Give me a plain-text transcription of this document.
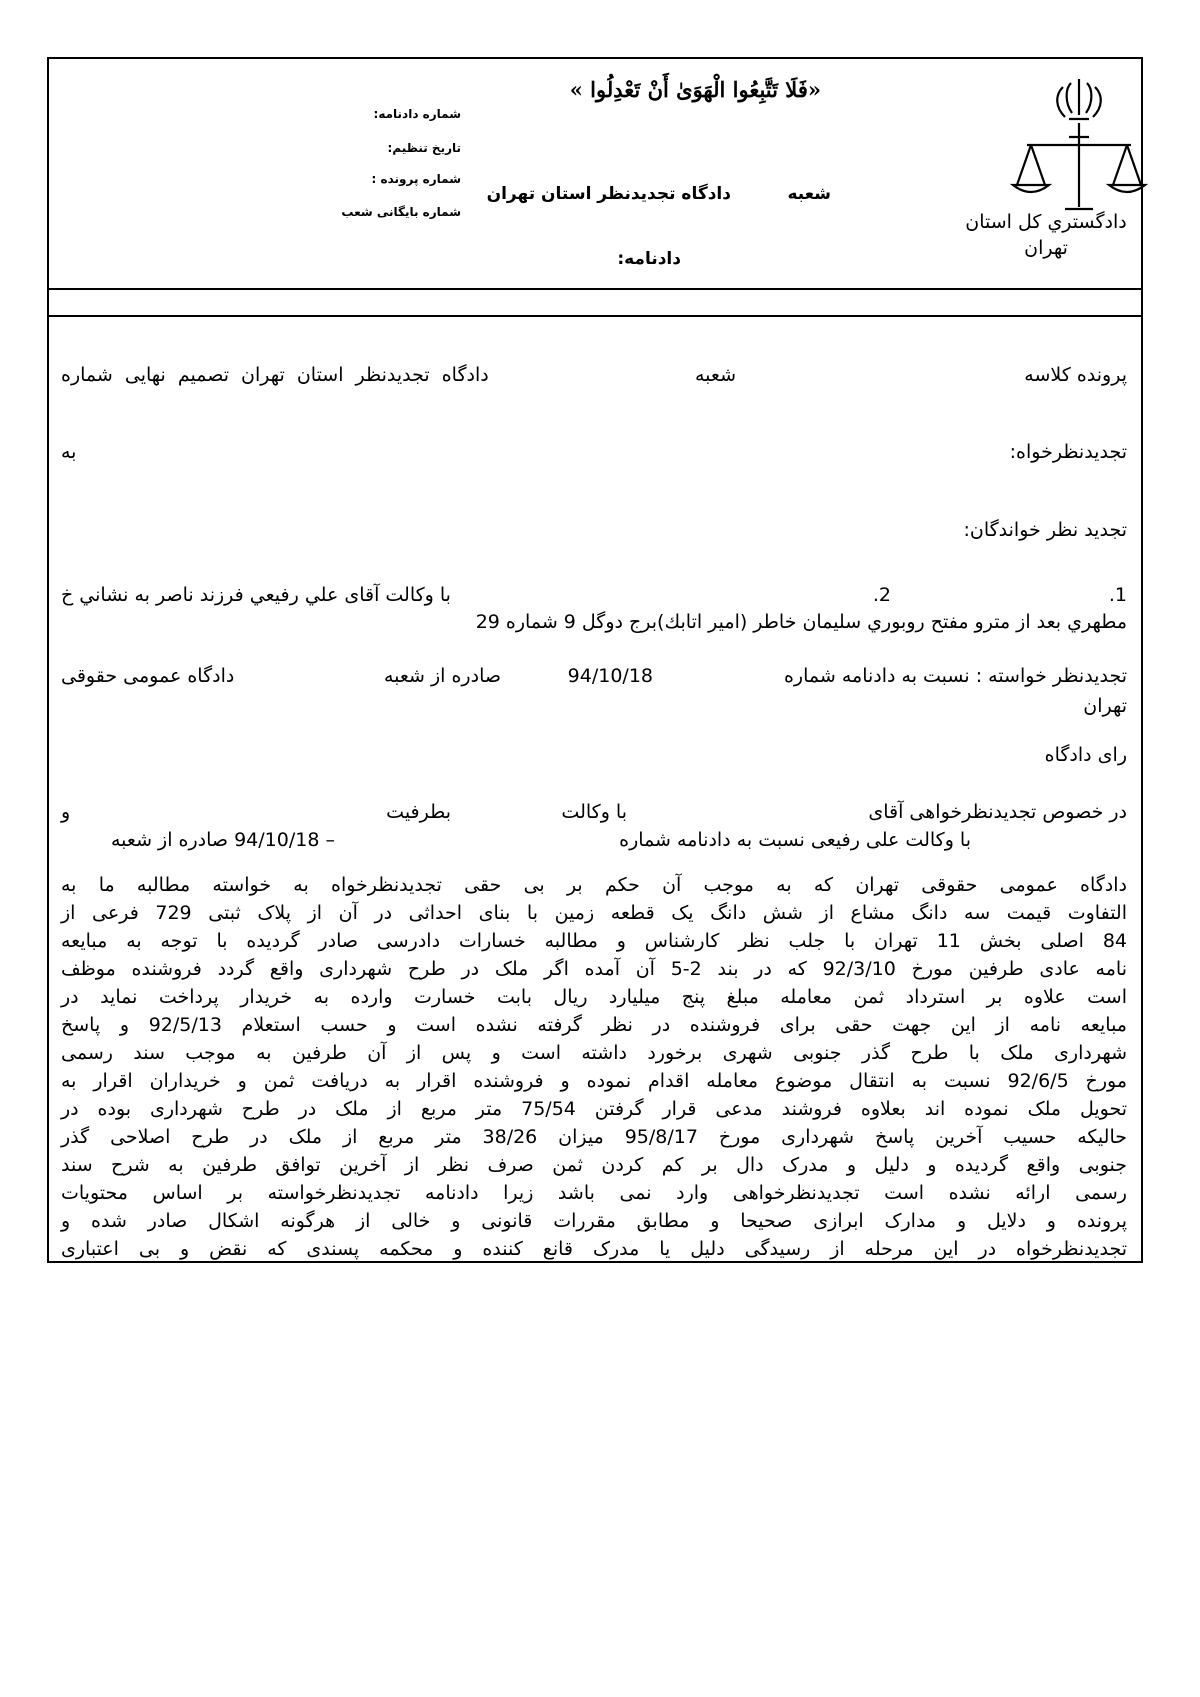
«فَلَا تَتَّبِعُوا الْهَوَىٰ أَنْ تَعْدِلُوا »
شماره دادنامه:
تاریخ تنظیم:
شماره پرونده :
شماره بایگانی شعب
شعبه
دادگاه تجدیدنظر استان تهران
دادگستري كل استان
تهران
دادنامه:
پرونده كلاسه
شعبه
دادگاه تجدیدنظر استان تهران تصمیم نهایی شماره
تجدیدنظرخواه:
به
تجدید نظر خواندگان:
1.
2.
با وكالت آقای علي رفيعي فرزند ناصر به نشاني خ
مطهري بعد از مترو مفتح روبوري سليمان خاطر (امير اتابك)برج دوگل 9 شماره 29
تجدیدنظر خواسته : نسبت به دادنامه شماره
94/10/18
صادره از شعبه
دادگاه عمومی حقوقی
تهران
رای دادگاه
در خصوص تجدیدنظرخواهی آقای
با وكالت
بطرفیت
و
با وكالت علی رفیعی نسبت به دادنامه شماره
– 94/10/18 صادره از شعبه
دادگاه عمومی حقوقی تهران كه به موجب آن حكم بر بی حقی تجدیدنظرخواه به خواسته مطالبه ما به
التفاوت قیمت سه دانگ مشاع از شش دانگ یک قطعه زمین با بنای احداثی در آن از پلاک ثبتی 729 فرعی از
84 اصلی بخش 11 تهران با جلب نظر كارشناس و مطالبه خسارات دادرسی صادر گردیده با توجه به مبایعه
نامه عادی طرفین مورخ 92/3/10 كه در بند 2-5 آن آمده اگر ملک در طرح شهرداری واقع گردد فروشنده موظف
است علاوه بر استرداد ثمن معامله مبلغ پنج میلیارد ریال بابت خسارت وارده به خریدار پرداخت نماید در
مبایعه نامه از این جهت حقی برای فروشنده در نظر گرفته نشده است و حسب استعلام 92/5/13 و پاسخ
شهرداری ملک با طرح گذر جنوبی شهری برخورد داشته است و پس از آن طرفین به موجب سند رسمی
مورخ 92/6/5 نسبت به انتقال موضوع معامله اقدام نموده و فروشنده اقرار به دریافت ثمن و خریداران اقرار به
تحویل ملک نموده اند بعلاوه فروشند مدعی قرار گرفتن 75/54 متر مربع از ملک در طرح شهرداری بوده در
حالیكه حسیب آخرین پاسخ شهرداری مورخ 95/8/17 میزان 38/26 متر مربع از ملک در طرح اصلاحی گذر
جنوبی واقع گردیده و دلیل و مدرک دال بر كم كردن ثمن صرف نظر از آخرین توافق طرفین به شرح سند
رسمی ارائه نشده است تجدیدنظرخواهی وارد نمی باشد زیرا دادنامه تجدیدنظرخواسته بر اساس محتویات
پرونده و دلایل و مدارک ابرازی صحیحا و مطابق مقررات قانونی و خالی از هرگونه اشكال صادر شده و
تجدیدنظرخواه در این مرحله از رسیدگی دلیل یا مدرک قانع كننده و محكمه پسندی كه نقض و بی اعتباری
